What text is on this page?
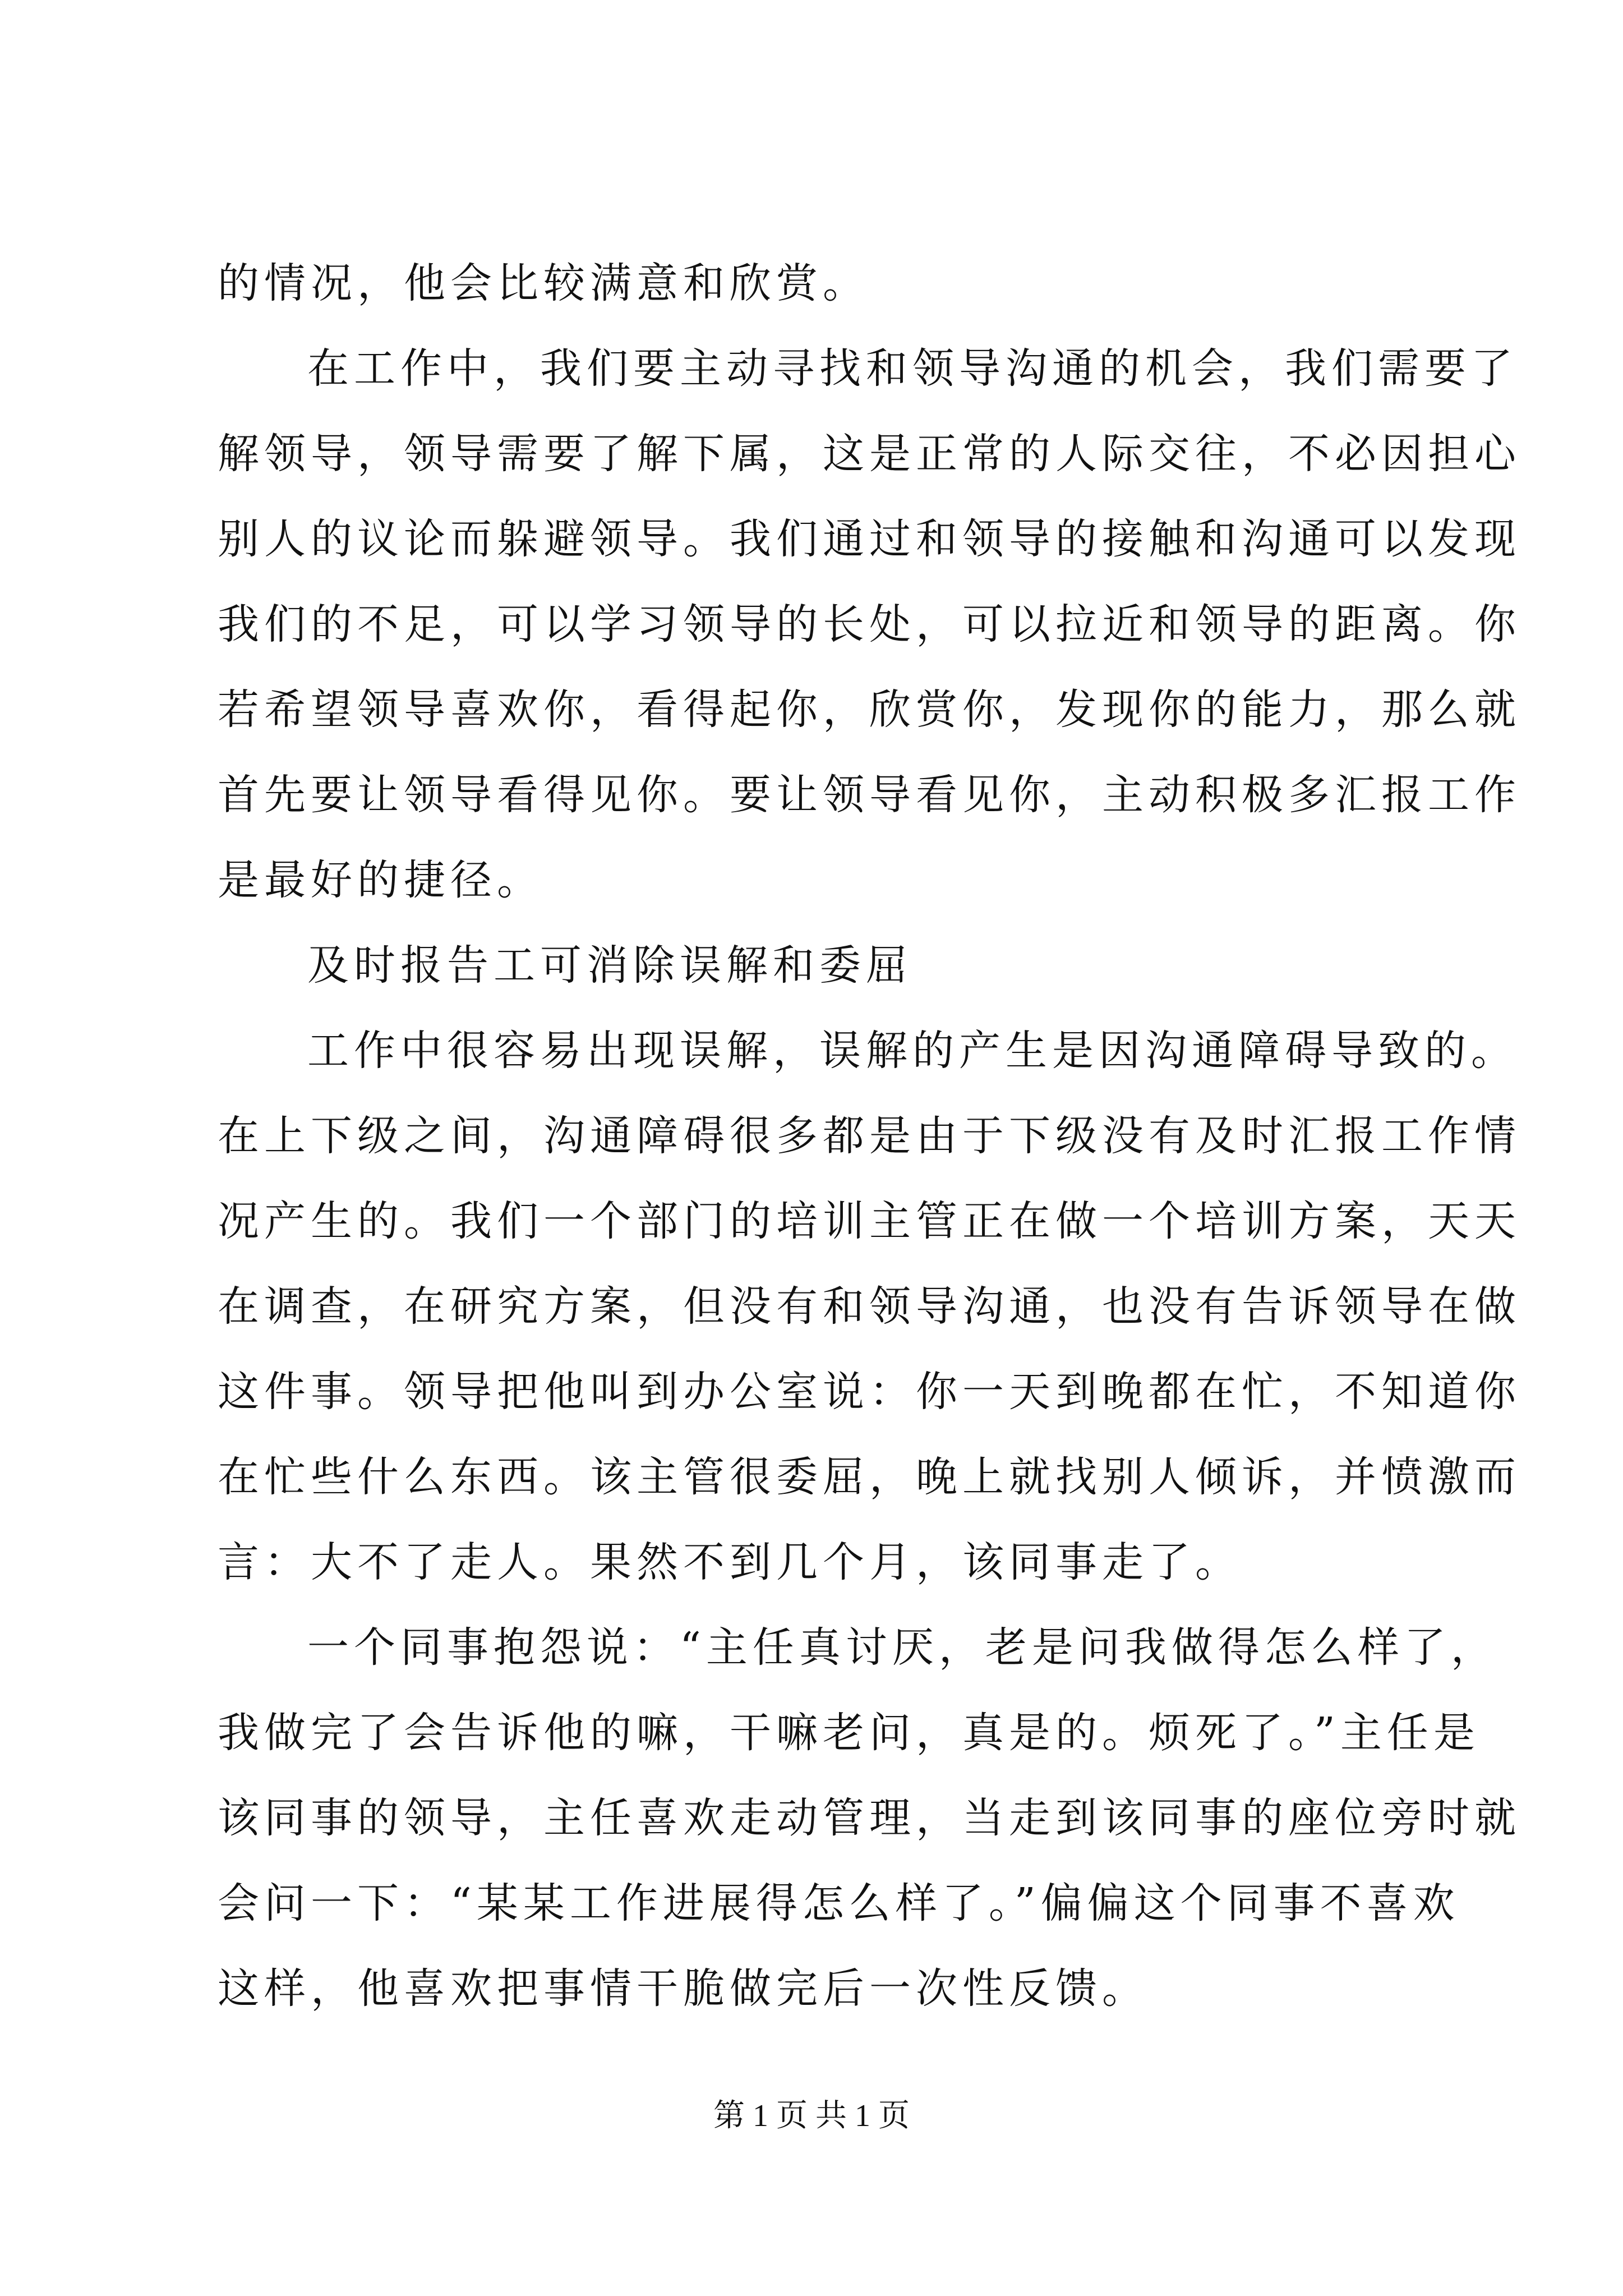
的情况，他会比较满意和欣赏。
在工作中，我们要主动寻找和领导沟通的机会，我们需要了
解领导，领导需要了解下属，这是正常的人际交往，不必因担心
别人的议论而躲避领导。我们通过和领导的接触和沟通可以发现
我们的不足，可以学习领导的长处，可以拉近和领导的距离。你
若希望领导喜欢你，看得起你，欣赏你，发现你的能力，那么就
首先要让领导看得见你。要让领导看见你，主动积极多汇报工作
是最好的捷径。
及时报告工可消除误解和委屈
工作中很容易出现误解，误解的产生是因沟通障碍导致的。
在上下级之间，沟通障碍很多都是由于下级没有及时汇报工作情
况产生的。我们一个部门的培训主管正在做一个培训方案，天天
在调查，在研究方案，但没有和领导沟通，也没有告诉领导在做
这件事。领导把他叫到办公室说：你一天到晚都在忙，不知道你
在忙些什么东西。该主管很委屈，晚上就找别人倾诉，并愤激而
言：大不了走人。果然不到几个月，该同事走了。
一个同事抱怨说：“主任真讨厌，老是问我做得怎么样了，
我做完了会告诉他的嘛，干嘛老问，真是的。烦死了。”主任是
该同事的领导，主任喜欢走动管理，当走到该同事的座位旁时就
会问一下：“某某工作进展得怎么样了。”偏偏这个同事不喜欢
这样，他喜欢把事情干脆做完后一次性反馈。
第 1 页 共 1 页
